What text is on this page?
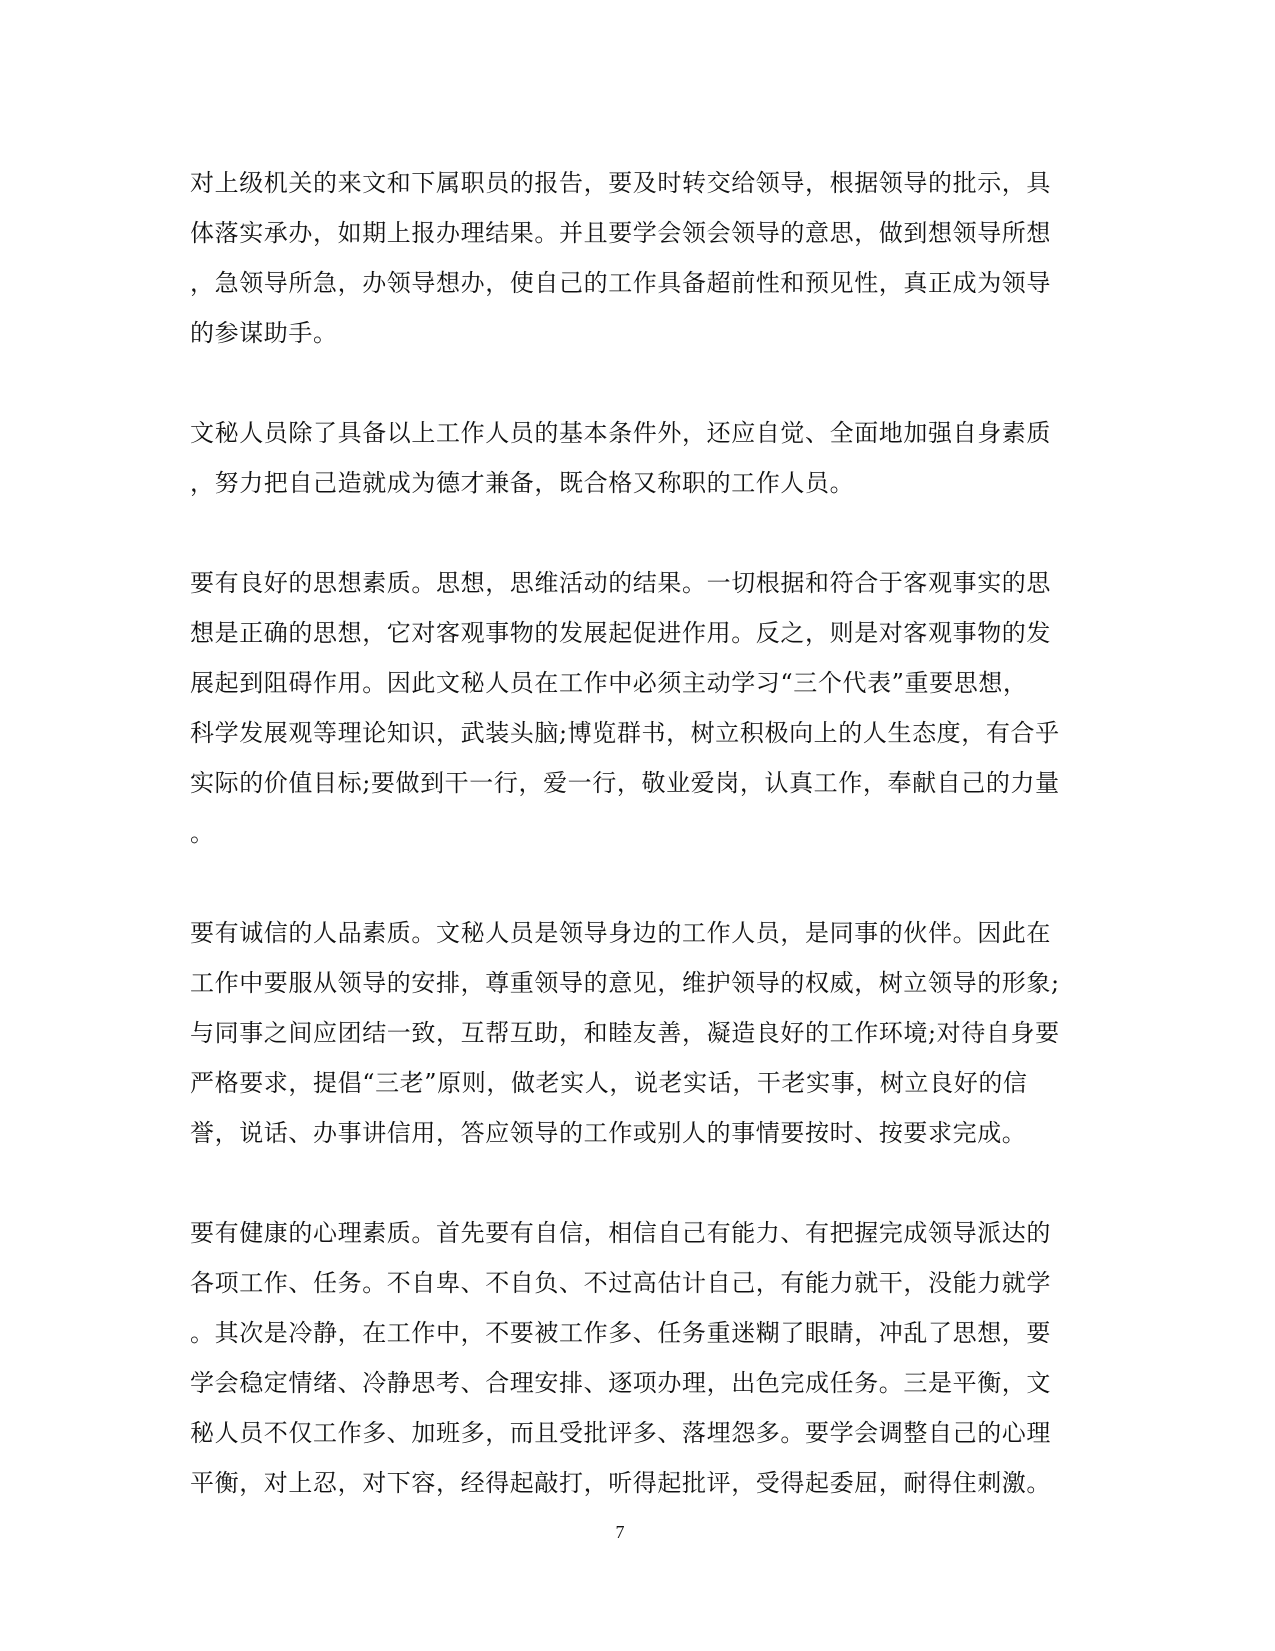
对上级机关的来文和下属职员的报告，要及时转交给领导，根据领导的批示，具
体落实承办，如期上报办理结果。并且要学会领会领导的意思，做到想领导所想
，急领导所急，办领导想办，使自己的工作具备超前性和预见性，真正成为领导
的参谋助手。
文秘人员除了具备以上工作人员的基本条件外，还应自觉、全面地加强自身素质
，努力把自己造就成为德才兼备，既合格又称职的工作人员。
要有良好的思想素质。思想，思维活动的结果。一切根据和符合于客观事实的思
想是正确的思想，它对客观事物的发展起促进作用。反之，则是对客观事物的发
展起到阻碍作用。因此文秘人员在工作中必须主动学习“三个代表”重要思想，
科学发展观等理论知识，武装头脑;博览群书，树立积极向上的人生态度，有合乎
实际的价值目标;要做到干一行，爱一行，敬业爱岗，认真工作，奉献自己的力量
。
要有诚信的人品素质。文秘人员是领导身边的工作人员，是同事的伙伴。因此在
工作中要服从领导的安排，尊重领导的意见，维护领导的权威，树立领导的形象;
与同事之间应团结一致，互帮互助，和睦友善，凝造良好的工作环境;对待自身要
严格要求，提倡“三老”原则，做老实人，说老实话，干老实事，树立良好的信
誉，说话、办事讲信用，答应领导的工作或别人的事情要按时、按要求完成。
要有健康的心理素质。首先要有自信，相信自己有能力、有把握完成领导派达的
各项工作、任务。不自卑、不自负、不过高估计自己，有能力就干，没能力就学
。其次是冷静，在工作中，不要被工作多、任务重迷糊了眼睛，冲乱了思想，要
学会稳定情绪、冷静思考、合理安排、逐项办理，出色完成任务。三是平衡，文
秘人员不仅工作多、加班多，而且受批评多、落埋怨多。要学会调整自己的心理
平衡，对上忍，对下容，经得起敲打，听得起批评，受得起委屈，耐得住刺激。
7
